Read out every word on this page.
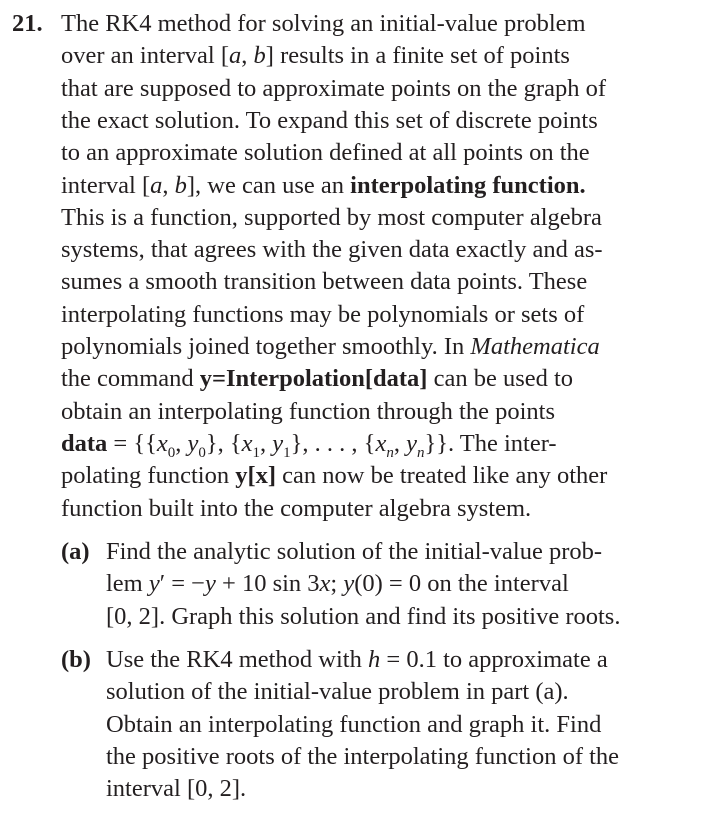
21. The RK4 method for solving an initial-value problem
over an interval [a, b] results in a finite set of points
that are supposed to approximate points on the graph of
the exact solution. To expand this set of discrete points
to an approximate solution defined at all points on the
interval [a, b], we can use an interpolating function.
This is a function, supported by most computer algebra
systems, that agrees with the given data exactly and as-
sumes a smooth transition between data points. These
interpolating functions may be polynomials or sets of
polynomials joined together smoothly. In Mathematica
the command y=Interpolation[data] can be used to
obtain an interpolating function through the points
data = {{$x_0$, $y_0$}, {$x_1$, $y_1$}, . . . , {$x_n$, $y_n$}}. The inter-
polating function y[x] can now be treated like any other
function built into the computer algebra system.
(a) Find the analytic solution of the initial-value prob-
lem y′ = −y + 10 sin 3x; y(0) = 0 on the interval
[0, 2]. Graph this solution and find its positive roots.
(b) Use the RK4 method with h = 0.1 to approximate a
solution of the initial-value problem in part (a).
Obtain an interpolating function and graph it. Find
the positive roots of the interpolating function of the
interval [0, 2].
